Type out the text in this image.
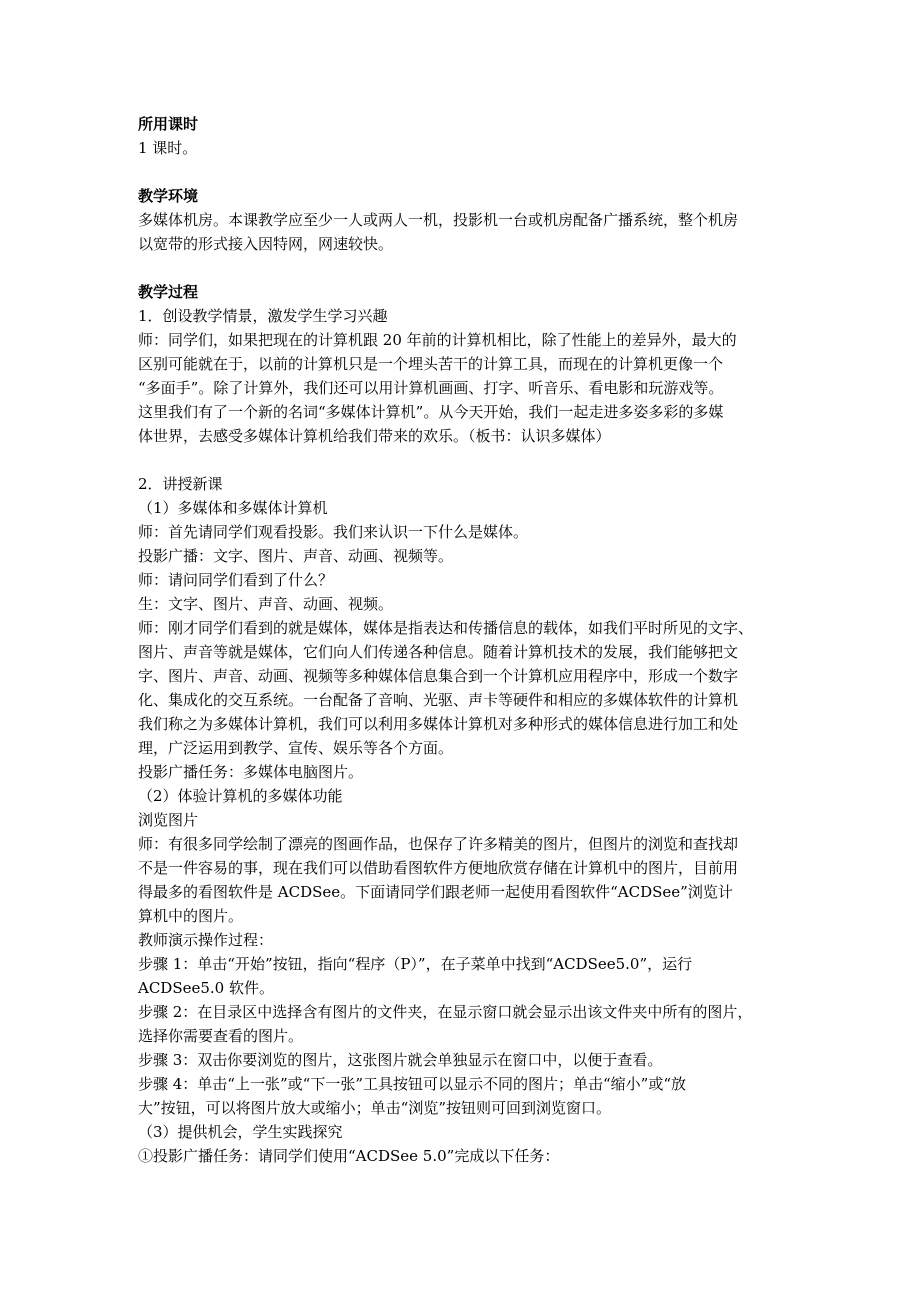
所用课时

1 课时。

教学环境

多媒体机房。本课教学应至少一人或两人一机，投影机一台或机房配备广播系统，整个机房

以宽带的形式接入因特网，网速较快。

教学过程

1．创设教学情景，激发学生学习兴趣

师：同学们，如果把现在的计算机跟 20 年前的计算机相比，除了性能上的差异外，最大的

区别可能就在于，以前的计算机只是一个埋头苦干的计算工具，而现在的计算机更像一个

“多面手”。除了计算外，我们还可以用计算机画画、打字、听音乐、看电影和玩游戏等。

这里我们有了一个新的名词“多媒体计算机”。从今天开始，我们一起走进多姿多彩的多媒

体世界，去感受多媒体计算机给我们带来的欢乐。（板书：认识多媒体）

2．讲授新课

（1）多媒体和多媒体计算机

师：首先请同学们观看投影。我们来认识一下什么是媒体。

投影广播：文字、图片、声音、动画、视频等。

师：请问同学们看到了什么？

生：文字、图片、声音、动画、视频。

师：刚才同学们看到的就是媒体，媒体是指表达和传播信息的载体，如我们平时所见的文字、

图片、声音等就是媒体，它们向人们传递各种信息。随着计算机技术的发展，我们能够把文

字、图片、声音、动画、视频等多种媒体信息集合到一个计算机应用程序中，形成一个数字

化、集成化的交互系统。一台配备了音响、光驱、声卡等硬件和相应的多媒体软件的计算机

我们称之为多媒体计算机，我们可以利用多媒体计算机对多种形式的媒体信息进行加工和处

理，广泛运用到教学、宣传、娱乐等各个方面。

投影广播任务：多媒体电脑图片。

（2）体验计算机的多媒体功能

浏览图片

师：有很多同学绘制了漂亮的图画作品，也保存了许多精美的图片，但图片的浏览和查找却

不是一件容易的事，现在我们可以借助看图软件方便地欣赏存储在计算机中的图片，目前用

得最多的看图软件是 ACDSee。下面请同学们跟老师一起使用看图软件“ACDSee”浏览计

算机中的图片。

教师演示操作过程：

步骤 1：单击“开始”按钮，指向“程序（P）”，在子菜单中找到“ACDSee5.0”，运行

ACDSee5.0 软件。

步骤 2：在目录区中选择含有图片的文件夹，在显示窗口就会显示出该文件夹中所有的图片，

选择你需要查看的图片。

步骤 3：双击你要浏览的图片，这张图片就会单独显示在窗口中，以便于查看。

步骤 4：单击“上一张”或“下一张”工具按钮可以显示不同的图片；单击“缩小”或“放

大”按钮，可以将图片放大或缩小；单击“浏览”按钮则可回到浏览窗口。

（3）提供机会，学生实践探究

①投影广播任务：请同学们使用“ACDSee 5.0”完成以下任务：
